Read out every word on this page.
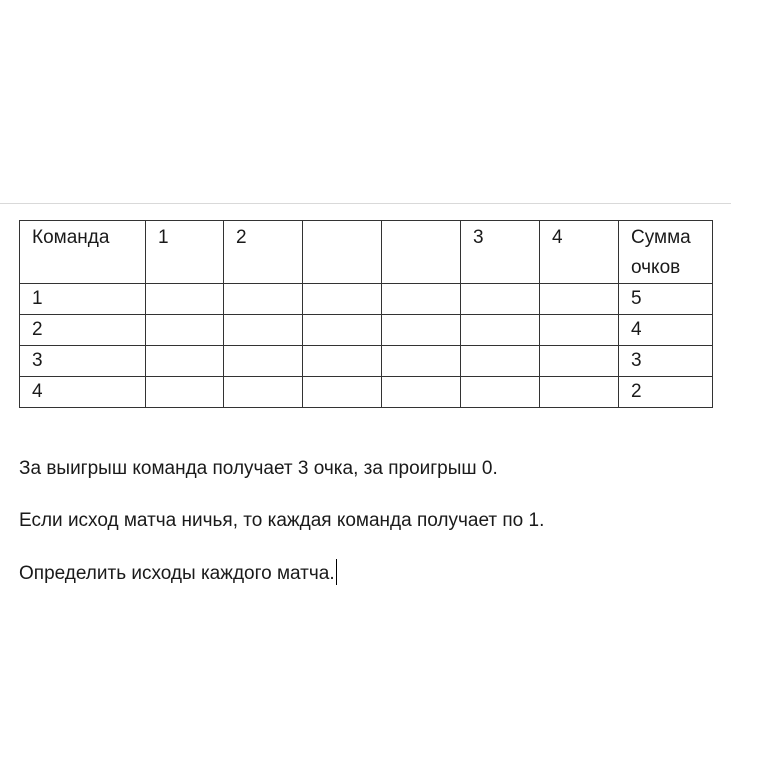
Команда	1	2			3	4	Сумма очков
1							5
2							4
3							3
4							2
За выигрыш команда получает 3 очка, за проигрыш 0.
Если исход матча ничья, то каждая команда получает по 1.
Определить исходы каждого матча.
